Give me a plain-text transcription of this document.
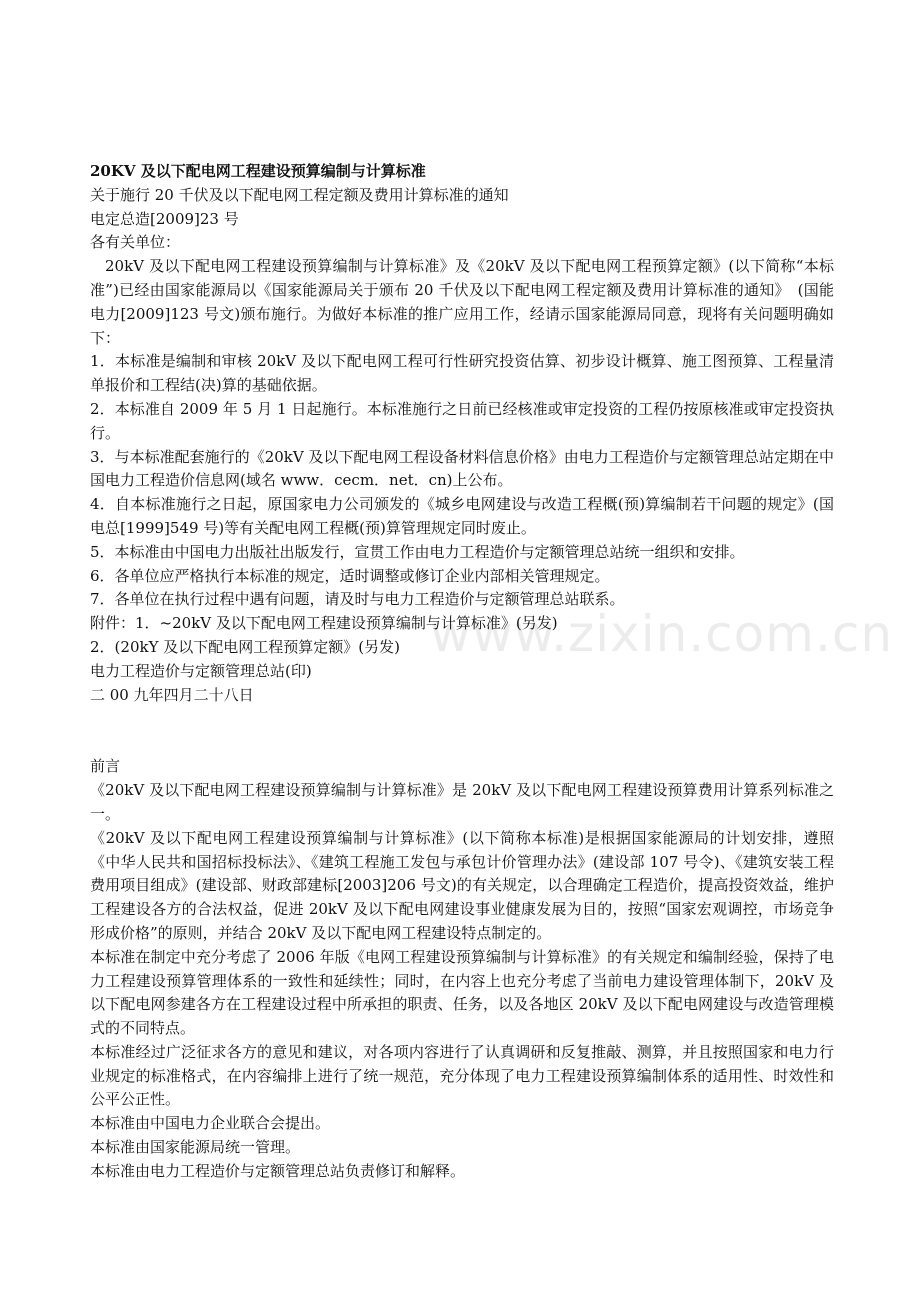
www.zixin.com.cn

20KV 及以下配电网工程建设预算编制与计算标准

关于施行 20 千伏及以下配电网工程定额及费用计算标准的通知

电定总造[2009]23 号

各有关单位：

20kV 及以下配电网工程建设预算编制与计算标准》及《20kV 及以下配电网工程预算定额》(以下简称“本标准”)已经由国家能源局以《国家能源局关于颁布 20 千伏及以下配电网工程定额及费用计算标准的通知》　(国能电力[2009]123 号文)颁布施行。为做好本标准的推广应用工作，经请示国家能源局同意，现将有关问题明确如下：

1．本标准是编制和审核 20kV 及以下配电网工程可行性研究投资估算、初步设计概算、施工图预算、工程量清单报价和工程结(决)算的基础依据。

2．本标准自 2009 年 5 月 1 日起施行。本标准施行之日前已经核准或审定投资的工程仍按原核准或审定投资执行。

3．与本标准配套施行的《20kV 及以下配电网工程设备材料信息价格》由电力工程造价与定额管理总站定期在中国电力工程造价信息网(域名 www．cecm．net．cn)上公布。

4．自本标准施行之日起，原国家电力公司颁发的《城乡电网建设与改造工程概(预)算编制若干问题的规定》(国电总[1999]549 号)等有关配电网工程概(预)算管理规定同时废止。

5．本标准由中国电力出版社出版发行，宣贯工作由电力工程造价与定额管理总站统一组织和安排。

6．各单位应严格执行本标准的规定，适时调整或修订企业内部相关管理规定。

7．各单位在执行过程中遇有问题，请及时与电力工程造价与定额管理总站联系。

附件：1．~20kV 及以下配电网工程建设预算编制与计算标准》(另发)

2．(20kY 及以下配电网工程预算定额》(另发)

电力工程造价与定额管理总站(印)

二 00 九年四月二十八日

前言

《20kV 及以下配电网工程建设预算编制与计算标准》是 20kV 及以下配电网工程建设预算费用计算系列标准之一。

《20kV 及以下配电网工程建设预算编制与计算标准》(以下简称本标准)是根据国家能源局的计划安排，遵照《中华人民共和国招标投标法》、《建筑工程施工发包与承包计价管理办法》(建设部 107 号令)、《建筑安装工程费用项目组成》(建设部、财政部建标[2003]206 号文)的有关规定，以合理确定工程造价，提高投资效益，维护工程建设各方的合法权益，促进 20kV 及以下配电网建设事业健康发展为目的，按照“国家宏观调控，市场竞争形成价格”的原则，并结合 20kV 及以下配电网工程建设特点制定的。

本标准在制定中充分考虑了 2006 年版《电网工程建设预算编制与计算标准》的有关规定和编制经验，保持了电力工程建设预算管理体系的一致性和延续性；同时，在内容上也充分考虑了当前电力建设管理体制下，20kV 及以下配电网参建各方在工程建设过程中所承担的职责、任务，以及各地区 20kV 及以下配电网建设与改造管理模式的不同特点。

本标准经过广泛征求各方的意见和建议，对各项内容进行了认真调研和反复推敲、测算，并且按照国家和电力行业规定的标准格式，在内容编排上进行了统一规范，充分体现了电力工程建设预算编制体系的适用性、时效性和公平公正性。

本标准由中国电力企业联合会提出。

本标准由国家能源局统一管理。

本标准由电力工程造价与定额管理总站负责修订和解释。
